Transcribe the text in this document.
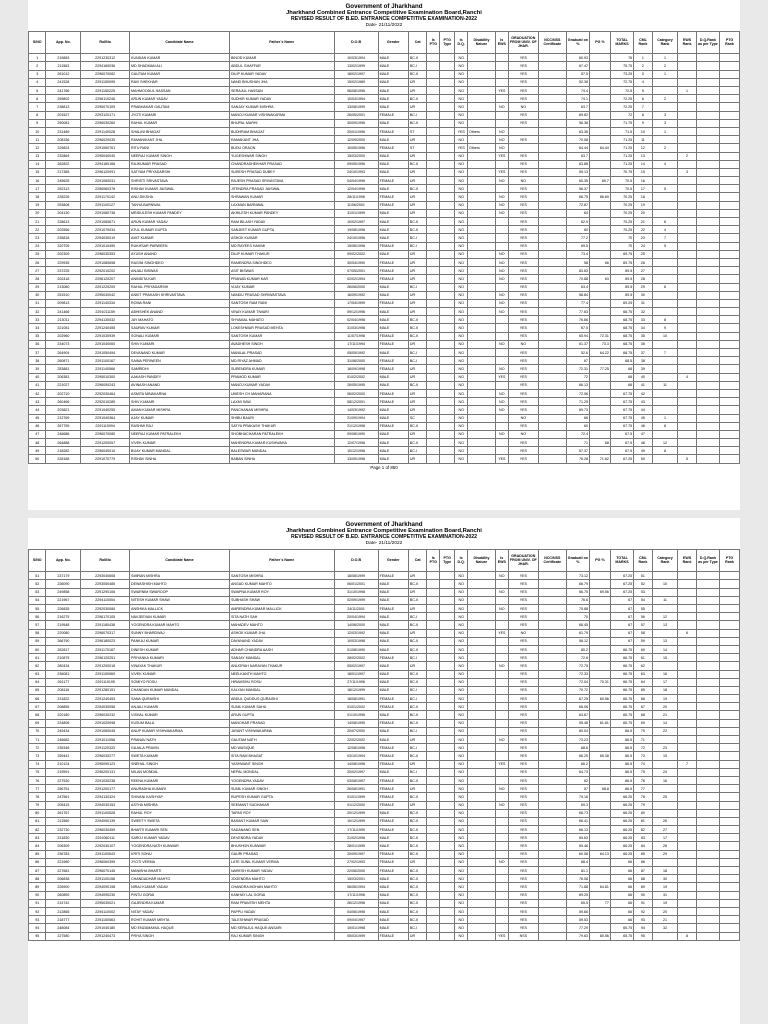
Government of Jharkhand
Jharkhand Combined Entrance Competitive Examination Board,Ranchi
REVISED RESULT OF B.ED. ENTRANCE COMPETITIVE EXAMINATION-2022
Date- 21/11/2022
S/NO	App. No.	RollNo	Candidate Name	Father`s Name	D.O.B	Gender	Cat	Is PTG	PTG Type	Is D.Q.	Disability Nature	Is EWS	GRADUATION FROM UNIV. OF JHAR.	NCC/NSS Certificate	Graduati on %	PG %	TOTAL MARKS	CML Rank	Category Rank	EWS Rank	D.Q.Rank as per Type	PTG Rank
1	219883	2291230312	KUNDAN KUMAR	BINOD KUMAR	10/03/1994	MALE	BC-II			NO			YES		60.93		76	1	1			
2	211563	2294160036	MD SHADMAN ALI	ABDUL GHAFFAR	13/02/1999	MALE	BC-I			NO			YES		67.47		75.75	2	2			
3	261012	2296070082	GAUTAM KUMAR	DILIP KUMAR YADAV	18/02/1997	MALE	BC-II			NO			YES		57.5		73.25	3	1			
4	241528	2291150095	RAVI SHEKHAR	NAND BHUSHAN JHA	15/02/1989	MALE	UR			NO			YES		52.38		72.75	4				
5	241766	2291150225	MAHMOODUL HASSAN	SERAJUL HASSAN	06/08/1996	MALE	UR			NO		YES	YES		74.4		72.5	5		1		
6	259802	2296110246	ARUN KUMAR YADAV	SUDHIR KUMAR YADAV	10/04/1994	MALE	BC-II			NO			YES		74.1		72.25	6	2			
7	238813	2295070109	PRABHAKAR GAUTAM	SANJAY KUMAR MISHRA	13/08/1999	MALE	UR			NO		NO	NO		63.7		72.25	7				
8	201527	2293120171	JYOTI KUMARI	MANOJ KUMAR VISHWAKARMA	26/05/2001	FEMALE	BC-I			NO			YES		69.82		72	8	3			
9	250081	2296030260	RAHUL KUMAR	BHUPAL MARHI	30/09/1996	MALE	BC-II			NO			YES		56.38		71.75	9	3			
10	231489	2291140028	SHALINI BHAGAT	BUDHRAM BHAGAT	20/01/1996	FEMALE	ST			YES	Others	NO			63.36		71.5	10	1			
11	208336	2296020035	RAMANIKANT JHA	RAMAKANT JHA	12/09/2000	MALE	UR			NO		NO	YES		70.08		71.25	11				
12	229824	2291060761	RITU RANI	BUDU ORAON	10/05/1996	FEMALE	ST			YES	Others	NO			64.44	64.44	71.25	12	2			
13	232864	2295040040	NEERAJ KUMAR SINGH	YUGESHWAR SINGH	15/03/2000	MALE	UR			NO		YES	YES		63.7		71.25	13		2		
14	262822	2294180166	RAJKUMAR PRASAD	CHANDRASHEKHAR PRASAD	09/05/1996	MALE	BC-II			NO			YES		63.88		71.25	14	4			
15	217385	2296120091	SATYAM PRIYADARSHI	SURESH PRASAD DUBEY	24/10/1993	MALE	UR			NO		YES	YES		59.13		70.75	15		3		
16	245625	2291060031	SHRISTI SRIVASTAVA	RAJESH PRASAD SRIVASTAVA	04/04/1996	FEMALE	UR			NO		NO	NO		60.35	69.7	70.5	16				
17	252313	2296060376	RISHAV KUMAR JAISWAL	JITENDRA PRASAD JAISWAL	12/04/1996	MALE	BC-II			NO			YES		56.37		70.5	17	5			
18	228226	2291170142	ANU DIKSHA	SHRAWAN KUMAR	28/11/1996	FEMALE	UR			NO		NO	YES		66.75	86.69	70.25	18				
19	253808	2291100127	TANYA BARNWAL	LAXMAN BARNWAL	11/06/2001	FEMALE	UR			NO		NO	YES		72.87		70.25	19				
20	204130	2291080738	MRIDULESH KUMAR PANDEY	AKHILESH KUMAR PANDEY	31/01/1999	MALE	UR			NO		NO	YES		64		70.25	20				
21	228613	2291060671	ARUN KUMAR YADAV	RAM BILASH YADAV	10/02/1997	MALE	BC-II			NO			YES		62.9		70.25	21	6			
22	202556	2291070034	ATUL KUMAR GUPTA	SANJEET KUMAR GUPTA	19/08/1998	MALE	BC-II			NO			YES		60		70.25	22	4			
23	235818	2294030019	AMIT KUMAR	ASHOK KUMAR	24/10/1996	MALE	BC-I			NO			YES		77.2		70	23	7			
24	220705	2291010490	RUKHSAR PARWEEN	MD RAYEES HAKIMI	15/06/1998	FEMALE	BC-I			NO			YES		69.5		70	24	5			
25	202309	2296030353	AYUSH ANAND	DILIP KUMAR THAKUR	09/02/2002	MALE	UR			NO		NO	YES		73.4		69.75	25				
26	229935	2291080698	RAGINI SINGHDEO	RAMENDRA SINGHDEO	30/04/1990	FEMALE	UR			NO		NO	YES		58	66	69.75	26				
27	237225	2292010202	ANJALI BISWAS	ASIT BISWAS	07/05/2001	FEMALE	UR			NO		NO	YES		83.63		69.5	27				
28	202418	2296120207	ANINDITA KAR	PRANAB KUMAR KAR	02/02/1994	FEMALE	UR			NO		NO	YES		70.88	63	69.5	28				
29	213080	2291220209	RAHUL PRIYADARSHI	VIJAY KUMAR	26/08/2000	MALE	BC-I			NO			YES		63.4		69.5	29	6			
30	251510	2295030042	ANKIT PRAKASH SHRIVASTAVA	NANDU PRASAD SHRIWASTAVA	16/09/1992	MALE	UR			NO		NO	YES		58.84		69.5	30				
31	209813	2291140334	ROMA RANI	SANTOSH RAM RANI	17/04/1999	FEMALE	UR			NO		NO	YES		77.4		69.25	31				
32	241466	2291011159	ABHISHEK ANAND	VINAY KUMAR TIWARI	09/12/1996	MALE	UR			NO		NO	YES		77.63		68.75	32				
33	213011	2294130032	JAY MAHATO	SHYAMAL MAHATO	02/04/1998	MALE	BC-II			NO			YES		76.66		68.75	33	8			
34	221081	2291240455	SAURAV KUMAR	LOKESHWAR PRASAD MEHTA	31/03/1998	MALE	BC-II			NO			YES		67.5		68.75	34	9			
35	202960	2291030939	SONALI KUMARI	SANTOSH KUMAR	11/07/1998	FEMALE	BC-II			NO			YES		65.94	72.31	68.75	35	10			
36	234073	2291040060	SHIV KUMARI	AVADHESH SINGH	17/11/1994	FEMALE	UR			NO		NO	NO		61.37	73.3	68.75	36				
37	264904	2291050494	DEVANAND KUMAR	MANILAL PRASAD	05/05/1992	MALE	BC-I			NO			YES		52.6	64.22	68.75	37	7			
38	260871	2291100167	SAINA PERWEEN	MD RIYAZ AHMAD	31/08/2000	FEMALE	BC-I			NO			YES		67		68.5	38				
39	253881	2291140566	SAMRIDHI	SURENDRA KUMAR	16/09/1998	FEMALE	UR			NO		NO	YES		72.31	77.25	68	39				
40	206381	2295010300	AAKASH PANDEY	PRAMOD KUMAR	01/02/2002	MALE	UR			NO		YES	YES		72		68	40		4		
41	221027	2296050243	AVINASH ANAND	MANOJ KUMAR YADAV	26/05/1995	MALE	BC-II			NO			YES		66.13		68	41	11			
42	202710	2292030464	ASMITA MINAKARNA	UMESH CH MAHARANA	06/02/2000	FEMALE	UR			NO		NO	YES		72.96		67.75	42				
43	260466	2292010289	SHIV KUMARI	LAXMI SAW	08/12/2001	FEMALE	UR			NO		NO	YES		71.25		67.75	43				
44	203821	2291040255	AMAN KUMAR MISHRA	PANCHANAN MISHRA	14/03/1992	MALE	UR			NO		NO	YES		69.73		67.75	44				
45	212769	2291040364	AJAY KUMAR	SHIBU BAURI	21/09/1994	MALE	SC			NO			NO		66		67.75	45	1			
46	267755	2291110094	RASHMI RAJ	SATYA PRAKASH THAKUR	21/12/1998	FEMALE	BC-II			NO			YES		60		67.75	46	8			
47	246686	2296070080	NEERAJ KUMAR PATRALEKH	SHOBHACHARAN PATRALEKH	09/08/1990	MALE	UR			NO		NO	NO		72.4		67.5	47				
48	264888	2291200057	VIVEK KUMAR	MAHENDRA KUMAR KUSHWAHA	12/07/1998	MALE	BC-II			NO			YES		71	68	67.5	48	12			
49	218282	2296040010	BIJAY KUMAR MANDAL	BALESWAR MANDAL	10/12/1998	MALE	BC-I			NO			YES		57.37		67.5	49	8			
50	228168	2291070779	RISHAV SINHA	BABAN SINHA	13/05/1998	MALE	UR			NO		YES	YES		76.28	71.62	67.25	50		5		
Page 1 of 850
Government of Jharkhand
Jharkhand Combined Entrance Competitive Examination Board,Ranchi
REVISED RESULT OF B.ED. ENTRANCE COMPETITIVE EXAMINATION-2022
Date- 21/11/2022
S/NO	App. No.	RollNo	Candidate Name	Father`s Name	D.O.B	Gender	Cat	Is PTG	PTG Type	Is D.Q.	Disability Nature	Is EWS	GRADUATION FROM UNIV. OF JHAR.	NCC/NSS Certificate	Graduati on %	PG %	TOTAL MARKS	CML Rank	Category Rank	EWS Rank	D.Q.Rank as per Type	PTG Rank
51	237179	2293040608	SIMRAN MISHRA	SANTOSH MISHRA	18/08/1999	FEMALE	UR			NO		NO	YES		73.12		67.25	51				
52	226090	2293050485	DEWASHISH MAHTO	ANGAD KUMAR MAHTO	06/01/2001	MALE	BC-II			NO			YES		66.79		67.25	52	10			
53	249858	2291290106	SWARNIM SWAROOP	SWAPNA KUMAR ROY	31/10/1998	MALE	UR			NO		NO	YES		66.75	69.56	67.25	53				
54	221967	2294110054	NITESH KUMAR SHAW	SUBHASH SHAW	02/09/1999	MALE	BC-II			NO			YES		76.6		67	54	11			
55	226835	2292030080	ANSHIKA MALLICK	AMRENDRA KUMAR MALLICK	24/11/2001	FEMALE	UR			NO		NO	YES		75.88		67	55				
56	216275	2296170105	NAVJEEVAN KUMAR	SITA NATH SAH	20/04/1994	MALE	BC-I			NO			YES		70		67	56	12			
57	219548	2291180438	YOGENDRA KUMAR MAHTO	MAHADEV MAHTO	14/08/2000	MALE	BC-II			NO			YES		68.45		67	57	13			
58	220080	2296070317	SUNNY BHARDWAJ	ASHOK KUMAR JHA	12/03/1992	MALE	UR			NO		YES	NO		61.79		67	58		6		
59	266790	2296180023	PANKAJ KUMAR	DAYANAND YADAV	10/03/1998	MALE	BC-II			NO			YES		58.12		67	59	13			
60	262817	2291170187	DINESH KUMAR	ADHAR CHANDRA AASH	01/08/1990	MALE	BC-II			NO			YES		80.2		66.75	60	14			
61	210875	2296120251	PRIYANKA KUMARI	SANJAY MANDAL	28/02/2002	FEMALE	BC-I			NO			YES		72.8		66.75	61	15			
62	280434	2291200018	VINAYAK THAKUR	ANUGRAH NARAYAN THAKUR	05/02/1997	MALE	UR			NO		NO	YES		72.75		66.75	62				
63	236081	2291150069	VIVEK KUMAR	NEELKANTH MAHTO	18/01/1997	MALE	BC-II			NO			YES		72.33		66.75	63	16			
64	261177	2291110195	SOMIYO ROSU	HIRAMSHU ROSU	27/11/1996	MALE	BC-II			NO			YES		72.04	70.31	66.75	64	17			
65	208116	2291280151	CHANDAN KUMAR MANDAL	KALYAN MANDAL	18/12/1999	MALE	BC-I			NO			YES		70.72		66.75	65	18			
66	231822	2291240453	SANA QURAISHI	ABDUL QUDDUS QURAISHI	18/08/1991	FEMALE	BC-I			NO			YES		67.25	60.56	66.75	66	19			
67	208855	2294030056	ANJALI KUMARI	SUNIL KUMAR SAHU	01/01/2002	FEMALE	BC-II			NO			YES		66.06		66.75	67	20			
68	220180	2296030232	VISHAL KUMAR	ARUN GUPTA	01/10/1996	MALE	BC-II			NO			YES		63.67		66.75	68	21			
69	224806	2291020098	KUSUM BALA	MANOHAR PRASAD	14/08/1995	FEMALE	BC-II			NO			YES		55.46	61.81	66.75	69	14			
70	249434	2291060045	ANUP KUMAR VISHWAKARMA	JAYANT VISHWAKARMA	20/07/2000	MALE	BC-I			NO			YES		80.04		66.5	70	22			
71	246682	2291011058	PRANAV NATH	GAUTAM NATH	22/02/2002	MALE	UR			NO		NO	YES		73.23		66.5	71				
72	235346	2291120333	GAJALA PRAVIN	MD WASIQUE	12/08/1998	FEMALE	BC-I			NO			YES		68.6		66.5	72	23			
73	259441	2296030277	SWETA KUMARI	SITA RAM BHAGAT	03/10/1994	FEMALE	BC-II			NO			YES		66.25	65.38	66.5	73	15			
74	210124	2295090123	SNEHAL SINGH	YASHWANT SINGH	14/08/1998	FEMALE	UR			NO		YES	YES		66.2		66.5	74		7		
75	219591	2296200131	MILAN MONDAL	NEPAL MONDAL	20/02/1997	MALE	BC-I			NO			YES		64.73		66.5	75	24			
76	227530	2291030238	REENA KUMARI	YOGENDRA YADAV	03/08/1997	FEMALE	BC-II			NO			YES		62		66.5	76	16			
77	256751	2291200177	ANURADHA KUMARI	SUNIL KUMAR SINGH	26/08/1991	FEMALE	UR			NO		NO	YES		57	68.8	66.5	77				
78	247561	2294130324	SHIVANI KASHYAP	RUPESH KUMAR GUPTA	01/01/1999	FEMALE	BC-II			NO			YES		79.16		66.25	78	25			
79	205415	2294030153	ASTHA MISHRA	SEEMANT SUDHAKAR	01/12/2000	FEMALE	UR			NO		NO	YES		69.3		66.25	79				
80	261767	2291100528	RAHUL ROY	TAPAS ROY	20/12/1999	MALE	BC-II			NO			YES		68.73		66.25	80				
81	211560	2294090139	SWEETY SWETA	BASANT KUMAR SAW	10/12/1999	FEMALE	BC-II			NO			YES		66.41		66.25	81	26			
82	232730	2296030459	BHARTI KUMARI SEN	SADANAND SEN	17/11/1999	FEMALE	BC-II			NO			YES		66.13		66.25	82	27			
83	231830	2291060111	SAROJ KUMAR YADAV	DEVENDRA YADAV	21/02/1998	MALE	BC-II			NO			YES		65.63		66.25	83	17			
84	206309	2292030107	YOGENDRA NATH KUNWAR	BHUSHON KUNWAR	28/01/1995	MALE	BC-II			NO			YES		65.46		66.25	84	28			
85	236783	2291100543	KRITI SONU	GAURI PRASAD	20/09/1997	FEMALE	BC-II			NO			YES		60.08	64.13	66.25	85	29			
86	221980	2296060395	JYOTI VERMA	LATE SUNIL KUMAR VERMA	27/02/1993	FEMALE	UR			NO		NO	YES		88.4		66	86				
87	227681	2296070145	MANISHA BHARTI	NARESH KUMAR YADAV	22/08/2000	FEMALE	BC-II			NO			YES		81.1		66	87	18			
88	206838	2291100156	CHANDADHAR MAHTO	JOGENDRA MAHTO	15/03/2001	MALE	BC-II			NO			YES		76.08		66	88	30			
89	226900	2294090198	NIRAJ KUMAR YADAV	CHANDRA MOHAN MAHTO	06/06/1994	MALE	BC-II			NO			YES		71.88	64.81	66	89	19			
90	260859	2294090230	PINTU GORAI	KANHAY LAL GORAI	17/11/1998	MALE	BC-II			NO			YES		69.25		66	90	31			
91	214742	2295030021	GAJENDRA KUMAR	RAM PRAVESH MEHTA	26/12/1998	MALE	BC-II			NO			YES		65.5	77	66	91	19			
92	212865	2294110002	NITAY YADAV	PAPPU YADAV	04/06/1998	MALE	BC-II			NO			YES		59.66		66	92	20			
93	218777	2291150563	ROHIT KUMAR MEHTA	TALESHWAR PRASAD	09/04/1997	MALE	BC-II			NO			YES		59.53		66	93	21			
94	248084	2291040180	MD ENZAMAMUL HAQUE	MD SERAJUL HAQUE ANSARI	10/01/1998	MALE	BC-I			NO			YES		77.29		65.75	94	32			
95	227580	2291240473	PRIYA SINGH	RAJ KUMAR SINGH	05/03/1999	FEMALE	UR			NO		YES	NSS		79.63	80.56	65.75	95		8		
